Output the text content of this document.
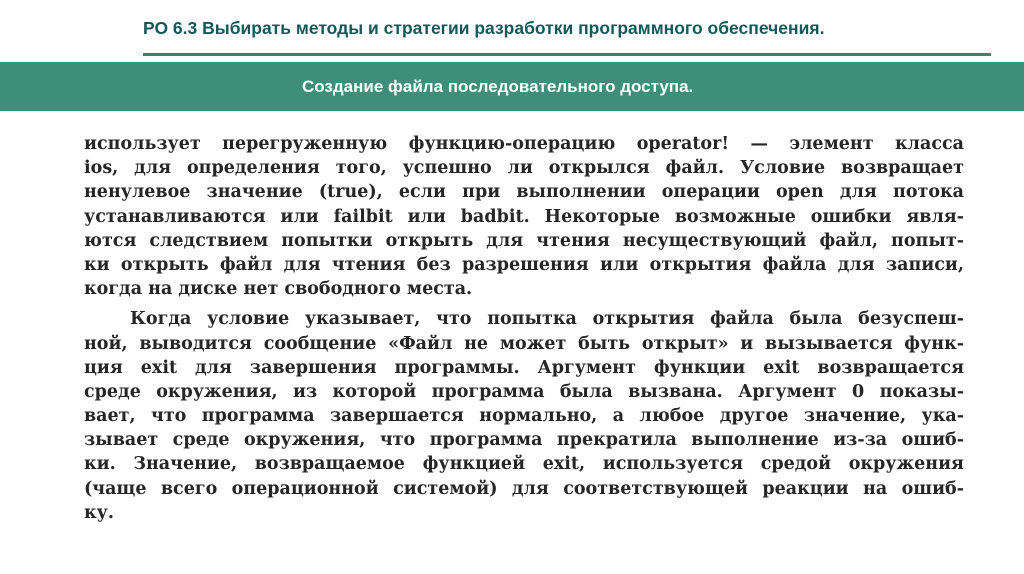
РО 6.3 Выбирать методы и стратегии разработки программного обеспечения.
Создание файла последовательного доступа.
использует перегруженную функцию-операцию operator! — элемент класса
ios, для определения того, успешно ли открылся файл. Условие возвращает
ненулевое значение (true), если при выполнении операции open для потока
устанавливаются или failbit или badbit. Некоторые возможные ошибки явля-
ются следствием попытки открыть для чтения несуществующий файл, попыт-
ки открыть файл для чтения без разрешения или открытия файла для записи,
когда на диске нет свободного места.
Когда условие указывает, что попытка открытия файла была безуспеш-
ной, выводится сообщение «Файл не может быть открыт» и вызывается функ-
ция exit для завершения программы. Аргумент функции exit возвращается
среде окружения, из которой программа была вызвана. Аргумент 0 показы-
вает, что программа завершается нормально, а любое другое значение, ука-
зывает среде окружения, что программа прекратила выполнение из-за ошиб-
ки. Значение, возвращаемое функцией exit, используется средой окружения
(чаще всего операционной системой) для соответствующей реакции на ошиб-
ку.
